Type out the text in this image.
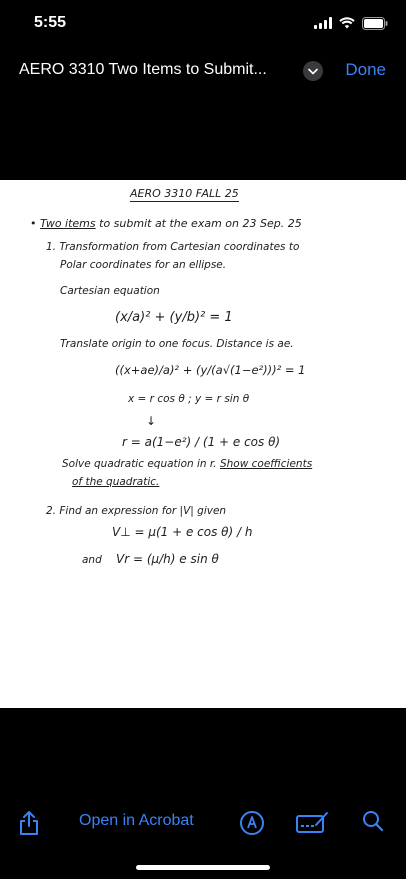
5:55
AERO 3310 Two Items to Submit...	Done
AERO 3310 FALL 25
• Two items to submit at the exam on 23 Sep. 25
1. Transformation from Cartesian coordinates to
Polar coordinates for an ellipse.
Cartesian equation
(x/a)² + (y/b)² = 1
Translate origin to one focus. Distance is ae.
((x+ae)/a)² + (y/(a√(1−e²)))² = 1
x = r cos θ ; y = r sin θ
↓
r = a(1−e²) / (1 + e cos θ)
Solve quadratic equation in r. Show coefficients
of the quadratic.
2. Find an expression for |V| given
V⊥ = μ(1 + e cos θ) / h
and Vr = (μ/h) e sin θ
Open in Acrobat
